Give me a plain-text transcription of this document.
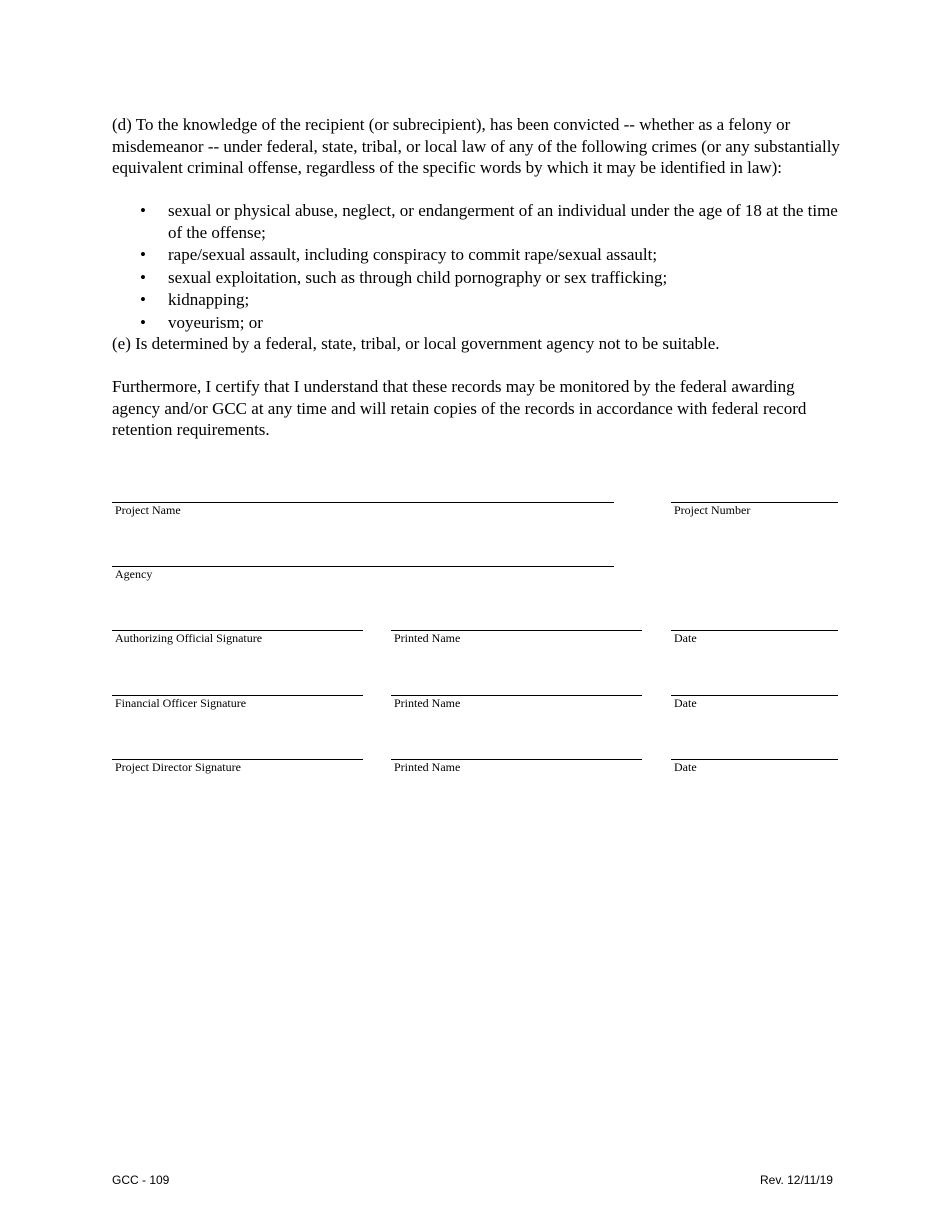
(d) To the knowledge of the recipient (or subrecipient), has been convicted -- whether as a felony or misdemeanor -- under federal, state, tribal, or local law of any of the following crimes (or any substantially equivalent criminal offense, regardless of the specific words by which it may be identified in law):

• sexual or physical abuse, neglect, or endangerment of an individual under the age of 18 at the time of the offense;
• rape/sexual assault, including conspiracy to commit rape/sexual assault;
• sexual exploitation, such as through child pornography or sex trafficking;
• kidnapping;
• voyeurism; or

(e) Is determined by a federal, state, tribal, or local government agency not to be suitable.

Furthermore, I certify that I understand that these records may be monitored by the federal awarding agency and/or GCC at any time and will retain copies of the records in accordance with federal record retention requirements.

Project Name	Project Number
Agency
Authorizing Official Signature	Printed Name	Date
Financial Officer Signature	Printed Name	Date
Project Director Signature	Printed Name	Date
GCC - 109	Rev. 12/11/19
